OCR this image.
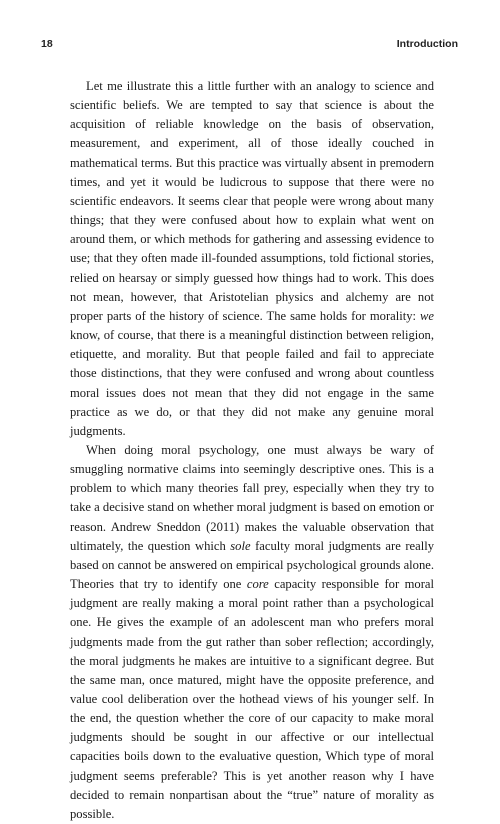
18	Introduction

Let me illustrate this a little further with an analogy to science and scientific beliefs. We are tempted to say that science is about the acquisition of reliable knowledge on the basis of observation, measurement, and experiment, all of those ideally couched in mathematical terms. But this practice was virtually absent in premodern times, and yet it would be ludicrous to suppose that there were no scientific endeavors. It seems clear that people were wrong about many things; that they were confused about how to explain what went on around them, or which methods for gathering and assessing evidence to use; that they often made ill-founded assumptions, told fictional stories, relied on hearsay or simply guessed how things had to work. This does not mean, however, that Aristotelian physics and alchemy are not proper parts of the history of science. The same holds for morality: we know, of course, that there is a meaningful distinction between religion, etiquette, and morality. But that people failed and fail to appreciate those distinctions, that they were confused and wrong about countless moral issues does not mean that they did not engage in the same practice as we do, or that they did not make any genuine moral judgments.

When doing moral psychology, one must always be wary of smuggling normative claims into seemingly descriptive ones. This is a problem to which many theories fall prey, especially when they try to take a decisive stand on whether moral judgment is based on emotion or reason. Andrew Sneddon (2011) makes the valuable observation that ultimately, the question which sole faculty moral judgments are really based on cannot be answered on empirical psychological grounds alone. Theories that try to identify one core capacity responsible for moral judgment are really making a moral point rather than a psychological one. He gives the example of an adolescent man who prefers moral judgments made from the gut rather than sober reflection; accordingly, the moral judgments he makes are intuitive to a significant degree. But the same man, once matured, might have the opposite preference, and value cool deliberation over the hothead views of his younger self. In the end, the question whether the core of our capacity to make moral judgments should be sought in our affective or our intellectual capacities boils down to the evaluative question, Which type of moral judgment seems preferable? This is yet another reason why I have decided to remain nonpartisan about the “true” nature of morality as possible.
